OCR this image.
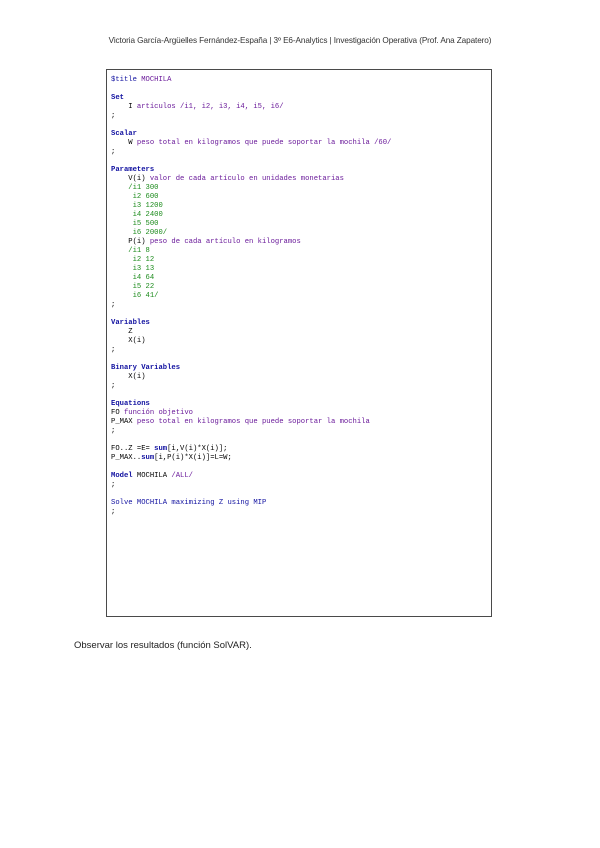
Victoria García-Argüelles Fernández-España | 3º E6-Analytics | Investigación Operativa (Prof. Ana Zapatero)
$title MOCHILA

Set
I artículos /i1, i2, i3, i4, i5, i6/
;

Scalar
W peso total en kilogramos que puede soportar la mochila /60/
;

Parameters
V(i) valor de cada artículo en unidades monetarias
/i1 300
i2 600
i3 1200
i4 2400
i5 500
i6 2000/
P(i) peso de cada artículo en kilogramos
/i1 8
i2 12
i3 13
i4 64
i5 22
i6 41/
;

Variables
Z
X(i)
;

Binary Variables
X(i)
;

Equations
FO función objetivo
P_MAX peso total en kilogramos que puede soportar la mochila
;

FO..Z =E= sum[i,V(i)*X(i)];
P_MAX..sum[i,P(i)*X(i)]=L=W;

Model MOCHILA /ALL/
;

Solve MOCHILA maximizing Z using MIP
;
Observar los resultados (función SolVAR).
